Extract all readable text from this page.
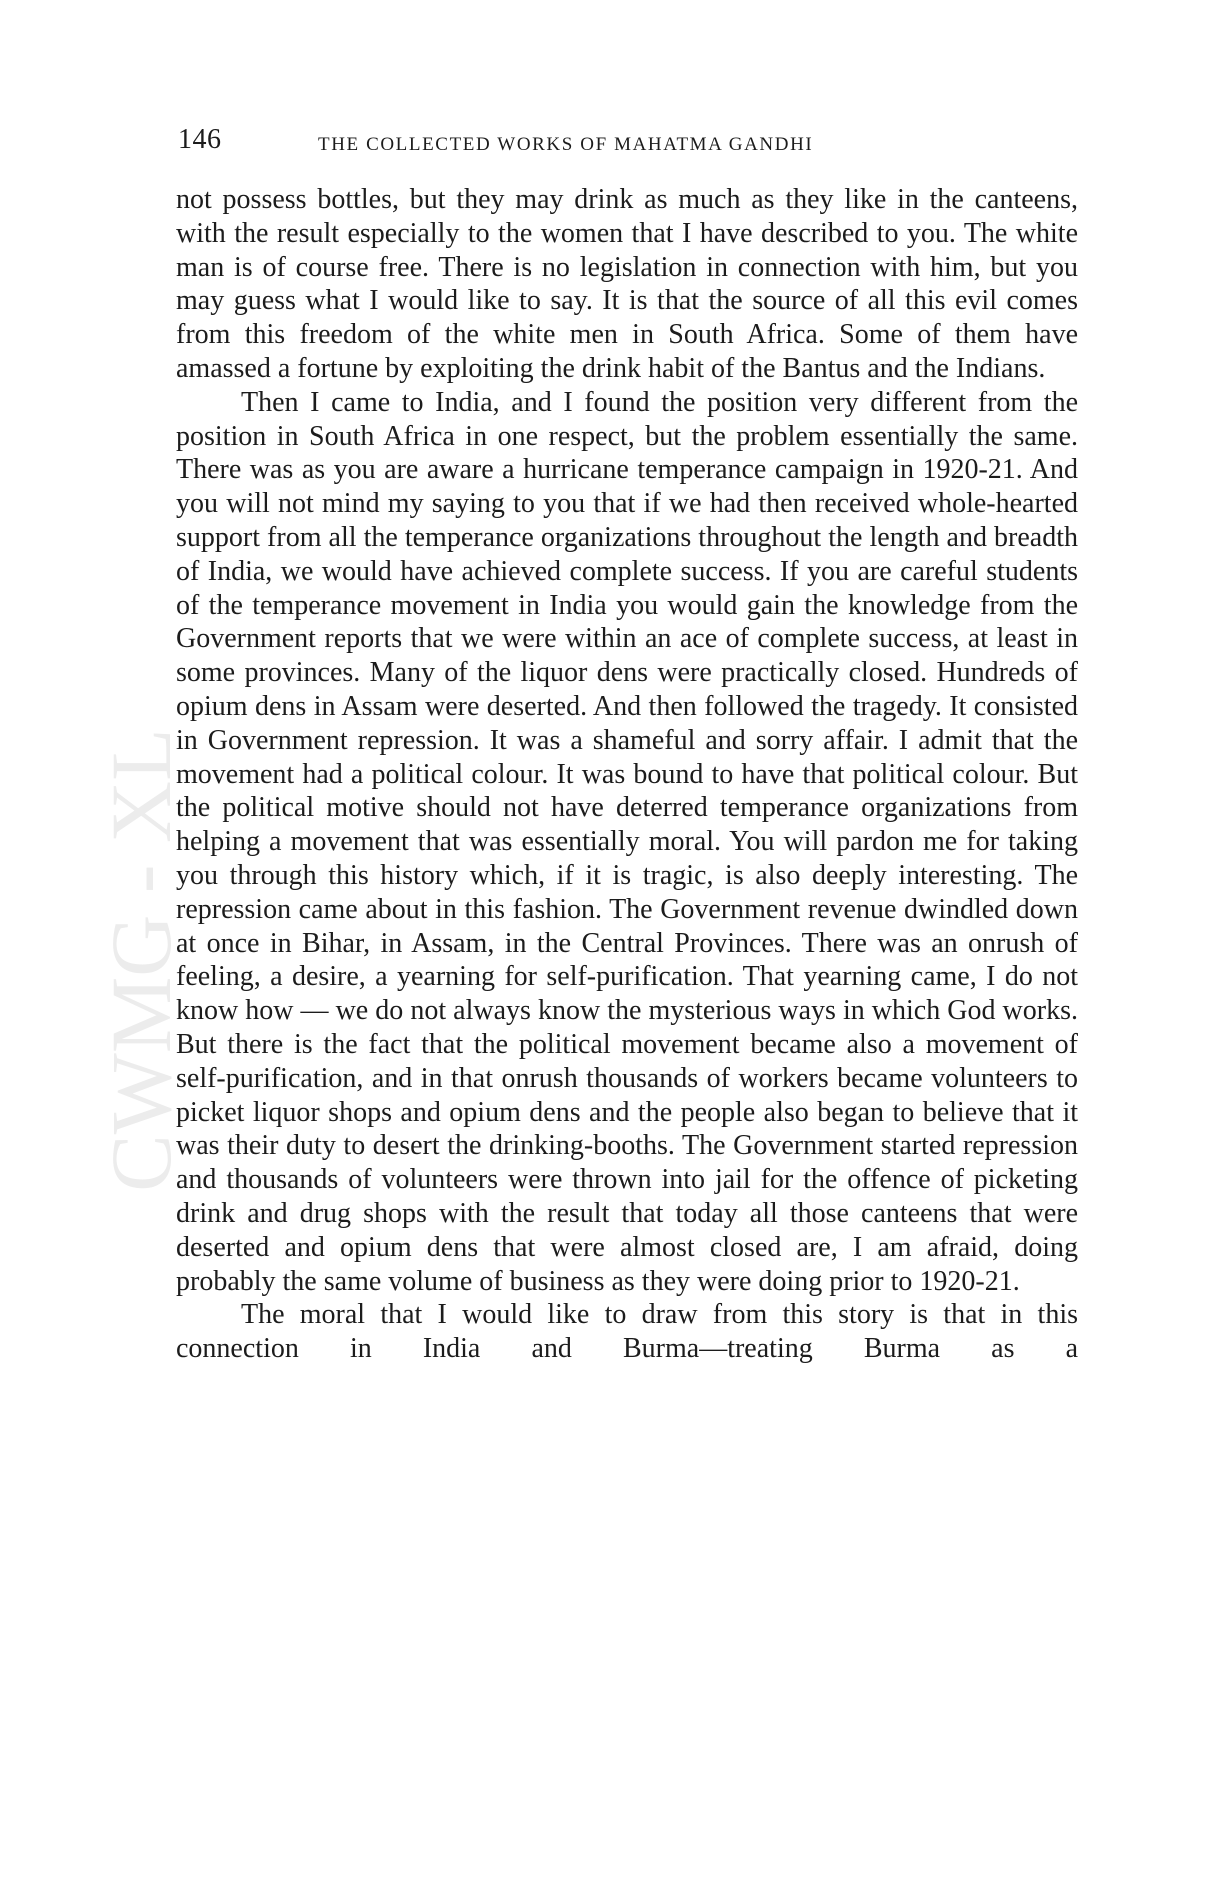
CWMG - XL
146	THE COLLECTED WORKS OF MAHATMA GANDHI

not possess bottles, but they may drink as much as they like in the canteens, with the result especially to the women that I have described to you. The white man is of course free. There is no legislation in connection with him, but you may guess what I would like to say. It is that the source of all this evil comes from this freedom of the white men in South Africa. Some of them have amassed a fortune by exploiting the drink habit of the Bantus and the Indians.

Then I came to India, and I found the position very different from the position in South Africa in one respect, but the problem essentially the same. There was as you are aware a hurricane temperance campaign in 1920-21. And you will not mind my saying to you that if we had then received whole-hearted support from all the temperance organizations throughout the length and breadth of India, we would have achieved complete success. If you are careful students of the temperance movement in India you would gain the knowledge from the Government reports that we were within an ace of complete success, at least in some provinces. Many of the liquor dens were practically closed. Hundreds of opium dens in Assam were deserted. And then followed the tragedy. It consisted in Government repression. It was a shameful and sorry affair. I admit that the movement had a political colour. It was bound to have that political colour. But the political motive should not have deterred temperance organizations from helping a movement that was essentially moral. You will pardon me for taking you through this history which, if it is tragic, is also deeply interesting. The repression came about in this fashion. The Government revenue dwindled down at once in Bihar, in Assam, in the Central Provinces. There was an onrush of feeling, a desire, a yearning for self-purification. That yearning came, I do not know how — we do not always know the mysterious ways in which God works. But there is the fact that the political movement became also a movement of self-purification, and in that onrush thousands of workers became volunteers to picket liquor shops and opium dens and the people also began to believe that it was their duty to desert the drinking-booths. The Government started repression and thousands of volunteers were thrown into jail for the offence of picketing drink and drug shops with the result that today all those canteens that were deserted and opium dens that were almost closed are, I am afraid, doing probably the same volume of business as they were doing prior to 1920-21.

The moral that I would like to draw from this story is that in this connection in India and Burma—treating Burma as a
